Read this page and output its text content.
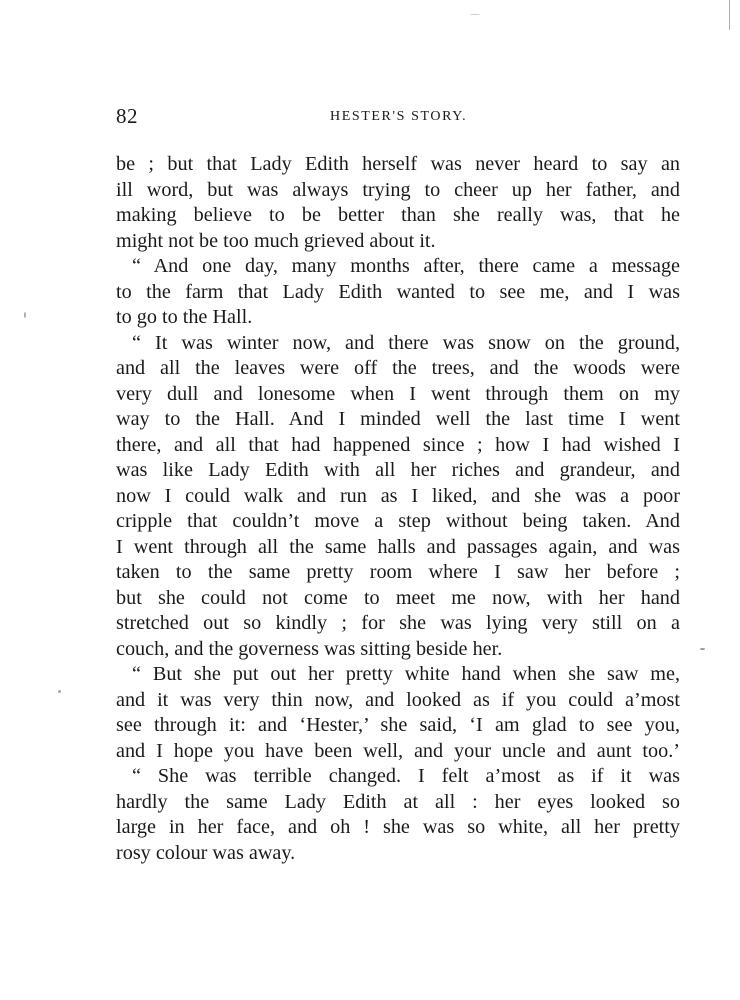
82	HESTER'S STORY.
be ; but that Lady Edith herself was never heard to say an
ill word, but was always trying to cheer up her father, and
making believe to be better than she really was, that he
might not be too much grieved about it.
“ And one day, many months after, there came a message
to the farm that Lady Edith wanted to see me, and I was
to go to the Hall.
“ It was winter now, and there was snow on the ground,
and all the leaves were off the trees, and the woods were
very dull and lonesome when I went through them on my
way to the Hall. And I minded well the last time I went
there, and all that had happened since ; how I had wished I
was like Lady Edith with all her riches and grandeur, and
now I could walk and run as I liked, and she was a poor
cripple that couldn’t move a step without being taken. And
I went through all the same halls and passages again, and was
taken to the same pretty room where I saw her before ;
but she could not come to meet me now, with her hand
stretched out so kindly ; for she was lying very still on a
couch, and the governess was sitting beside her.
“ But she put out her pretty white hand when she saw me,
and it was very thin now, and looked as if you could a’most
see through it: and ‘Hester,’ she said, ‘I am glad to see you,
and I hope you have been well, and your uncle and aunt too.’
“ She was terrible changed. I felt a’most as if it was
hardly the same Lady Edith at all : her eyes looked so
large in her face, and oh ! she was so white, all her pretty
rosy colour was away.
